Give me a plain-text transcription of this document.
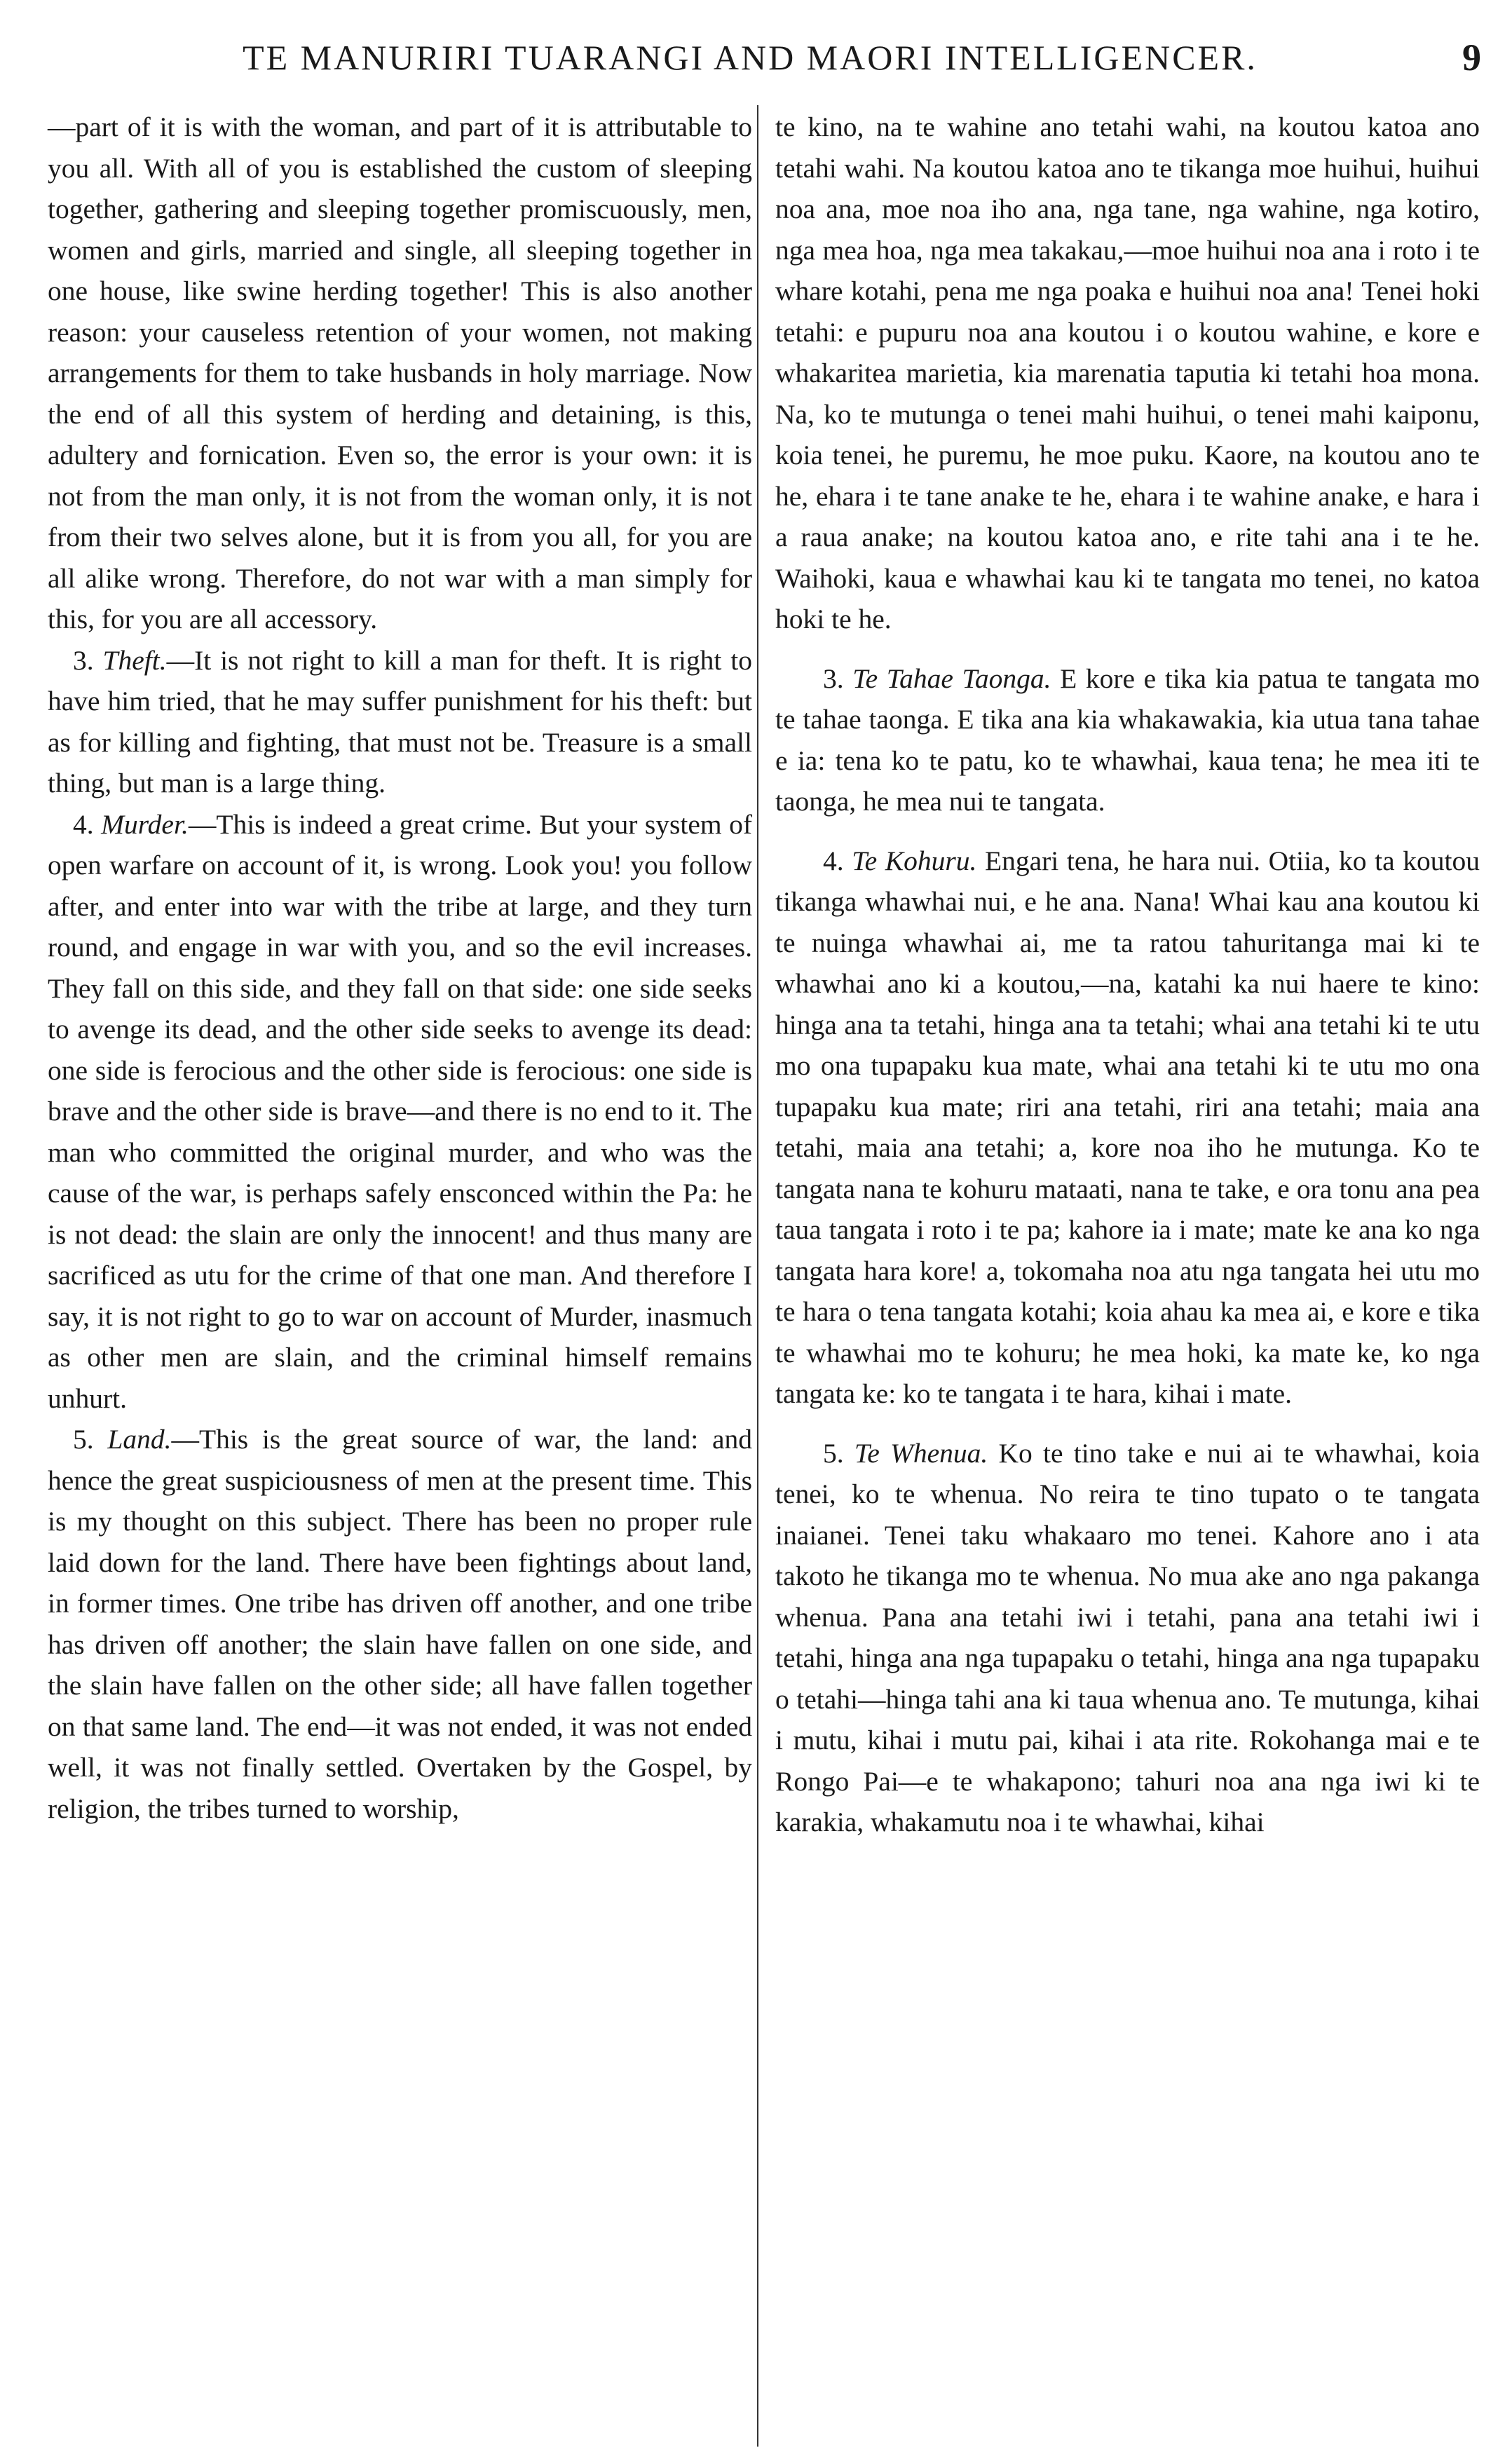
TE MANURIRI TUARANGI AND MAORI INTELLIGENCER.	9

—part of it is with the woman, and part of it is attributable to you all. With all of you is established the custom of sleeping together, gathering and sleeping together promiscuously, men, women and girls, married and single, all sleeping together in one house, like swine herding together! This is also another reason: your causeless retention of your women, not making arrangements for them to take husbands in holy marriage. Now the end of all this system of herding and detaining, is this, adultery and fornication. Even so, the error is your own: it is not from the man only, it is not from the woman only, it is not from their two selves alone, but it is from you all, for you are all alike wrong. Therefore, do not war with a man simply for this, for you are all accessory.

3. Theft.—It is not right to kill a man for theft. It is right to have him tried, that he may suffer punishment for his theft: but as for killing and fighting, that must not be. Treasure is a small thing, but man is a large thing.

4. Murder.—This is indeed a great crime. But your system of open warfare on account of it, is wrong. Look you! you follow after, and enter into war with the tribe at large, and they turn round, and engage in war with you, and so the evil increases. They fall on this side, and they fall on that side: one side seeks to avenge its dead, and the other side seeks to avenge its dead: one side is ferocious and the other side is ferocious: one side is brave and the other side is brave—and there is no end to it. The man who committed the original murder, and who was the cause of the war, is perhaps safely ensconced within the Pa: he is not dead: the slain are only the innocent! and thus many are sacrificed as utu for the crime of that one man. And therefore I say, it is not right to go to war on account of Murder, inasmuch as other men are slain, and the criminal himself remains unhurt.

5. Land.—This is the great source of war, the land: and hence the great suspiciousness of men at the present time. This is my thought on this subject. There has been no proper rule laid down for the land. There have been fightings about land, in former times. One tribe has driven off another, and one tribe has driven off another; the slain have fallen on one side, and the slain have fallen on the other side; all have fallen together on that same land. The end—it was not ended, it was not ended well, it was not finally settled. Overtaken by the Gospel, by religion, the tribes turned to worship,

te kino, na te wahine ano tetahi wahi, na koutou katoa ano tetahi wahi. Na koutou katoa ano te tikanga moe huihui, huihui noa ana, moe noa iho ana, nga tane, nga wahine, nga kotiro, nga mea hoa, nga mea takakau,—moe huihui noa ana i roto i te whare kotahi, pena me nga poaka e huihui noa ana! Tenei hoki tetahi: e pupuru noa ana koutou i o koutou wahine, e kore e whakaritea marietia, kia marenatia taputia ki tetahi hoa mona. Na, ko te mutunga o tenei mahi huihui, o tenei mahi kaiponu, koia tenei, he puremu, he moe puku. Kaore, na koutou ano te he, ehara i te tane anake te he, ehara i te wahine anake, e hara i a raua anake; na koutou katoa ano, e rite tahi ana i te he. Waihoki, kaua e whawhai kau ki te tangata mo tenei, no katoa hoki te he.

3. Te Tahae Taonga. E kore e tika kia patua te tangata mo te tahae taonga. E tika ana kia whakawakia, kia utua tana tahae e ia: tena ko te patu, ko te whawhai, kaua tena; he mea iti te taonga, he mea nui te tangata.

4. Te Kohuru. Engari tena, he hara nui. Otiia, ko ta koutou tikanga whawhai nui, e he ana. Nana! Whai kau ana koutou ki te nuinga whawhai ai, me ta ratou tahuritanga mai ki te whawhai ano ki a koutou,—na, katahi ka nui haere te kino: hinga ana ta tetahi, hinga ana ta tetahi; whai ana tetahi ki te utu mo ona tupapaku kua mate, whai ana tetahi ki te utu mo ona tupapaku kua mate; riri ana tetahi, riri ana tetahi; maia ana tetahi, maia ana tetahi; a, kore noa iho he mutunga. Ko te tangata nana te kohuru mataati, nana te take, e ora tonu ana pea taua tangata i roto i te pa; kahore ia i mate; mate ke ana ko nga tangata hara kore! a, tokomaha noa atu nga tangata hei utu mo te hara o tena tangata kotahi; koia ahau ka mea ai, e kore e tika te whawhai mo te kohuru; he mea hoki, ka mate ke, ko nga tangata ke: ko te tangata i te hara, kihai i mate.

5. Te Whenua. Ko te tino take e nui ai te whawhai, koia tenei, ko te whenua. No reira te tino tupato o te tangata inaianei. Tenei taku whakaaro mo tenei. Kahore ano i ata takoto he tikanga mo te whenua. No mua ake ano nga pakanga whenua. Pana ana tetahi iwi i tetahi, pana ana tetahi iwi i tetahi, hinga ana nga tupapaku o tetahi, hinga ana nga tupapaku o tetahi—hinga tahi ana ki taua whenua ano. Te mutunga, kihai i mutu, kihai i mutu pai, kihai i ata rite. Rokohanga mai e te Rongo Pai—e te whakapono; tahuri noa ana nga iwi ki te karakia, whakamutu noa i te whawhai, kihai
